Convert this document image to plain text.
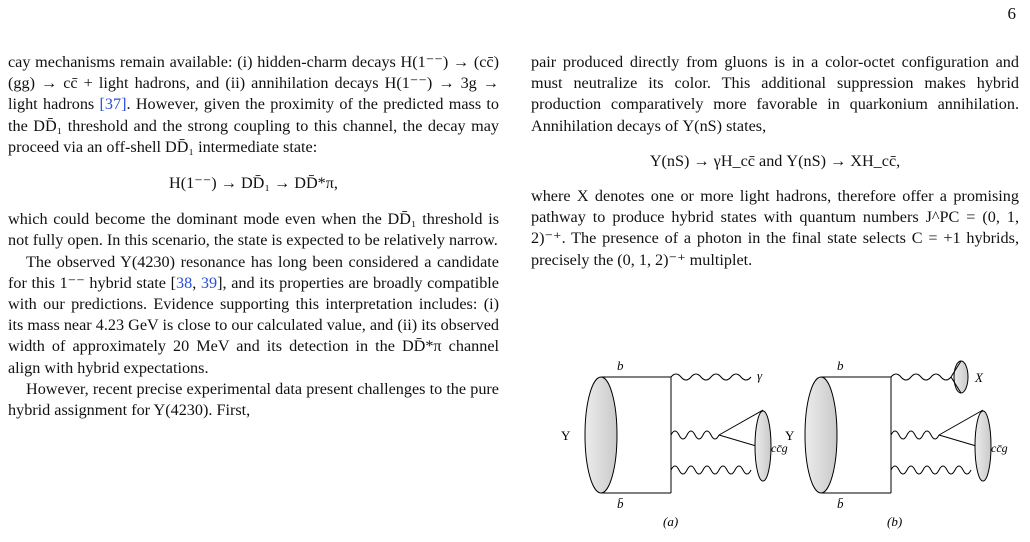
6

cay mechanisms remain available: (i) hidden-charm decays H(1⁻⁻) → (cc̄)(gg) → cc̄ + light hadrons, and (ii) annihilation decays H(1⁻⁻) → 3g → light hadrons [37]. However, given the proximity of the predicted mass to the DD̄₁ threshold and the strong coupling to this channel, the decay may proceed via an off-shell DD̄₁ intermediate state:

H(1⁻⁻) → DD̄₁ → DD̄*π,

which could become the dominant mode even when the DD̄₁ threshold is not fully open. In this scenario, the state is expected to be relatively narrow.

The observed Y(4230) resonance has long been considered a candidate for this 1⁻⁻ hybrid state [38, 39], and its properties are broadly compatible with our predictions. Evidence supporting this interpretation includes: (i) its mass near 4.23 GeV is close to our calculated value, and (ii) its observed width of approximately 20 MeV and its detection in the DD̄*π channel align with hybrid expectations.

However, recent precise experimental data present challenges to the pure hybrid assignment for Y(4230). First,

pair produced directly from gluons is in a color-octet configuration and must neutralize its color. This additional suppression makes hybrid production comparatively more favorable in quarkonium annihilation. Annihilation decays of Υ(nS) states,

Υ(nS) → γH_cc̄ and Υ(nS) → XH_cc̄,

where X denotes one or more light hadrons, therefore offer a promising pathway to produce hybrid states with quantum numbers J^PC = (0, 1, 2)⁻⁺. The presence of a photon in the final state selects C = +1 hybrids, precisely the (0, 1, 2)⁻⁺ multiplet.

b
b̄
Υ
γ
cc̄g
(a)
b
b̄
Υ
X
cc̄g
(b)
